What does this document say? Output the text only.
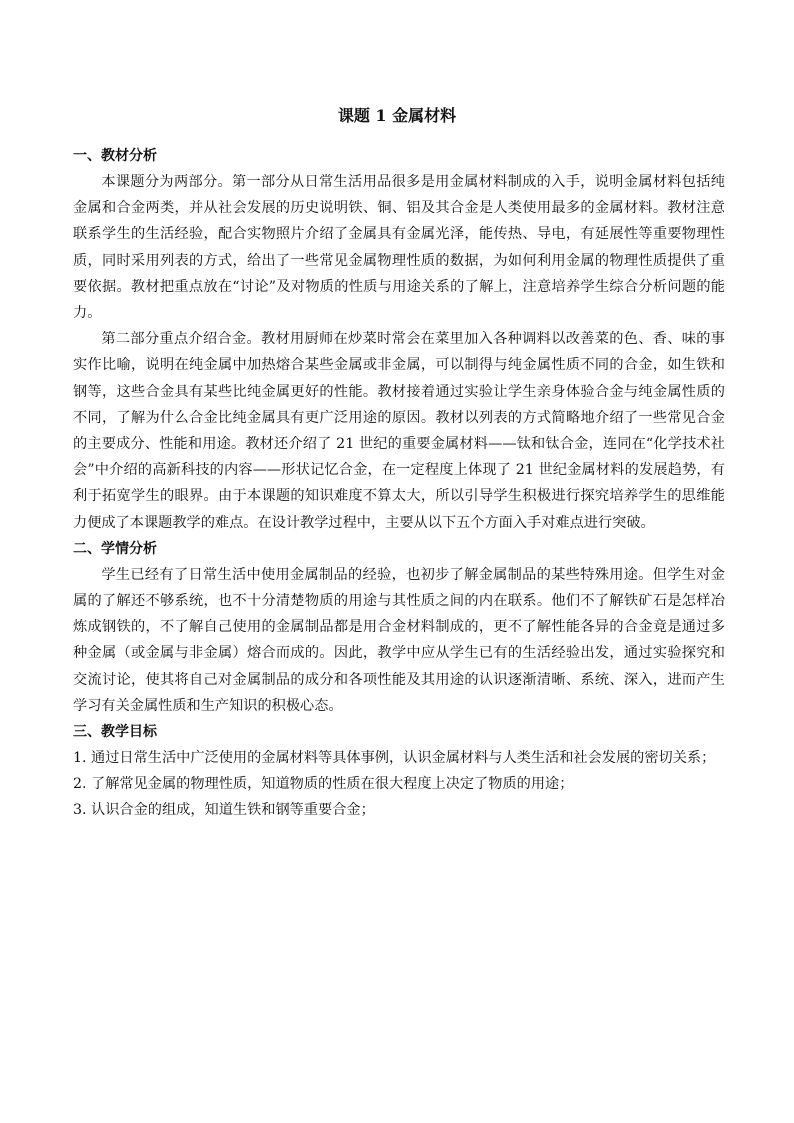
课题 1 金属材料
一、教材分析

本课题分为两部分。第一部分从日常生活用品很多是用金属材料制成的入手，说明金属材料包括纯金属和合金两类，并从社会发展的历史说明铁、铜、铝及其合金是人类使用最多的金属材料。教材注意联系学生的生活经验，配合实物照片介绍了金属具有金属光泽，能传热、导电，有延展性等重要物理性质，同时采用列表的方式，给出了一些常见金属物理性质的数据，为如何利用金属的物理性质提供了重要依据。教材把重点放在“讨论”及对物质的性质与用途关系的了解上，注意培养学生综合分析问题的能力。

第二部分重点介绍合金。教材用厨师在炒菜时常会在菜里加入各种调料以改善菜的色、香、味的事实作比喻，说明在纯金属中加热熔合某些金属或非金属，可以制得与纯金属性质不同的合金，如生铁和钢等，这些合金具有某些比纯金属更好的性能。教材接着通过实验让学生亲身体验合金与纯金属性质的不同，了解为什么合金比纯金属具有更广泛用途的原因。教材以列表的方式简略地介绍了一些常见合金的主要成分、性能和用途。教材还介绍了 21 世纪的重要金属材料——钛和钛合金，连同在“化学技术社会”中介绍的高新科技的内容——形状记忆合金，在一定程度上体现了 21 世纪金属材料的发展趋势，有利于拓宽学生的眼界。由于本课题的知识难度不算太大，所以引导学生积极进行探究培养学生的思维能力便成了本课题教学的难点。在设计教学过程中，主要从以下五个方面入手对难点进行突破。

二、学情分析

学生已经有了日常生活中使用金属制品的经验，也初步了解金属制品的某些特殊用途。但学生对金属的了解还不够系统，也不十分清楚物质的用途与其性质之间的内在联系。他们不了解铁矿石是怎样冶炼成钢铁的，不了解自己使用的金属制品都是用合金材料制成的，更不了解性能各异的合金竟是通过多种金属（或金属与非金属）熔合而成的。因此，教学中应从学生已有的生活经验出发，通过实验探究和交流讨论，使其将自己对金属制品的成分和各项性能及其用途的认识逐渐清晰、系统、深入，进而产生学习有关金属性质和生产知识的积极心态。

三、教学目标

1. 通过日常生活中广泛使用的金属材料等具体事例，认识金属材料与人类生活和社会发展的密切关系；

2. 了解常见金属的物理性质，知道物质的性质在很大程度上决定了物质的用途；

3. 认识合金的组成，知道生铁和钢等重要合金；
